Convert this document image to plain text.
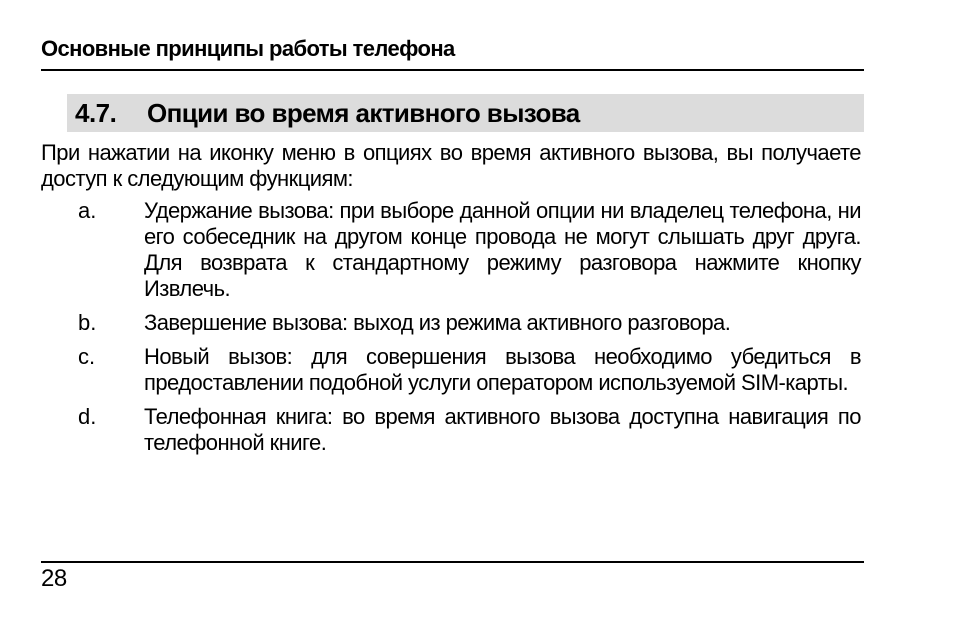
Основные принципы работы телефона
4.7. Опции во время активного вызова
При нажатии на иконку меню в опциях во время активного вызова, вы получаете доступ к следующим функциям:
a. Удержание вызова: при выборе данной опции ни владелец телефона, ни его собеседник на другом конце провода не могут слышать друг друга. Для возврата к стандартному режиму разговора нажмите кнопку Извлечь.
b. Завершение вызова: выход из режима активного разговора.
c. Новый вызов: для совершения вызова необходимо убедиться в предоставлении подобной услуги оператором используемой SIM-карты.
d. Телефонная книга: во время активного вызова доступна навигация по телефонной книге.
28
